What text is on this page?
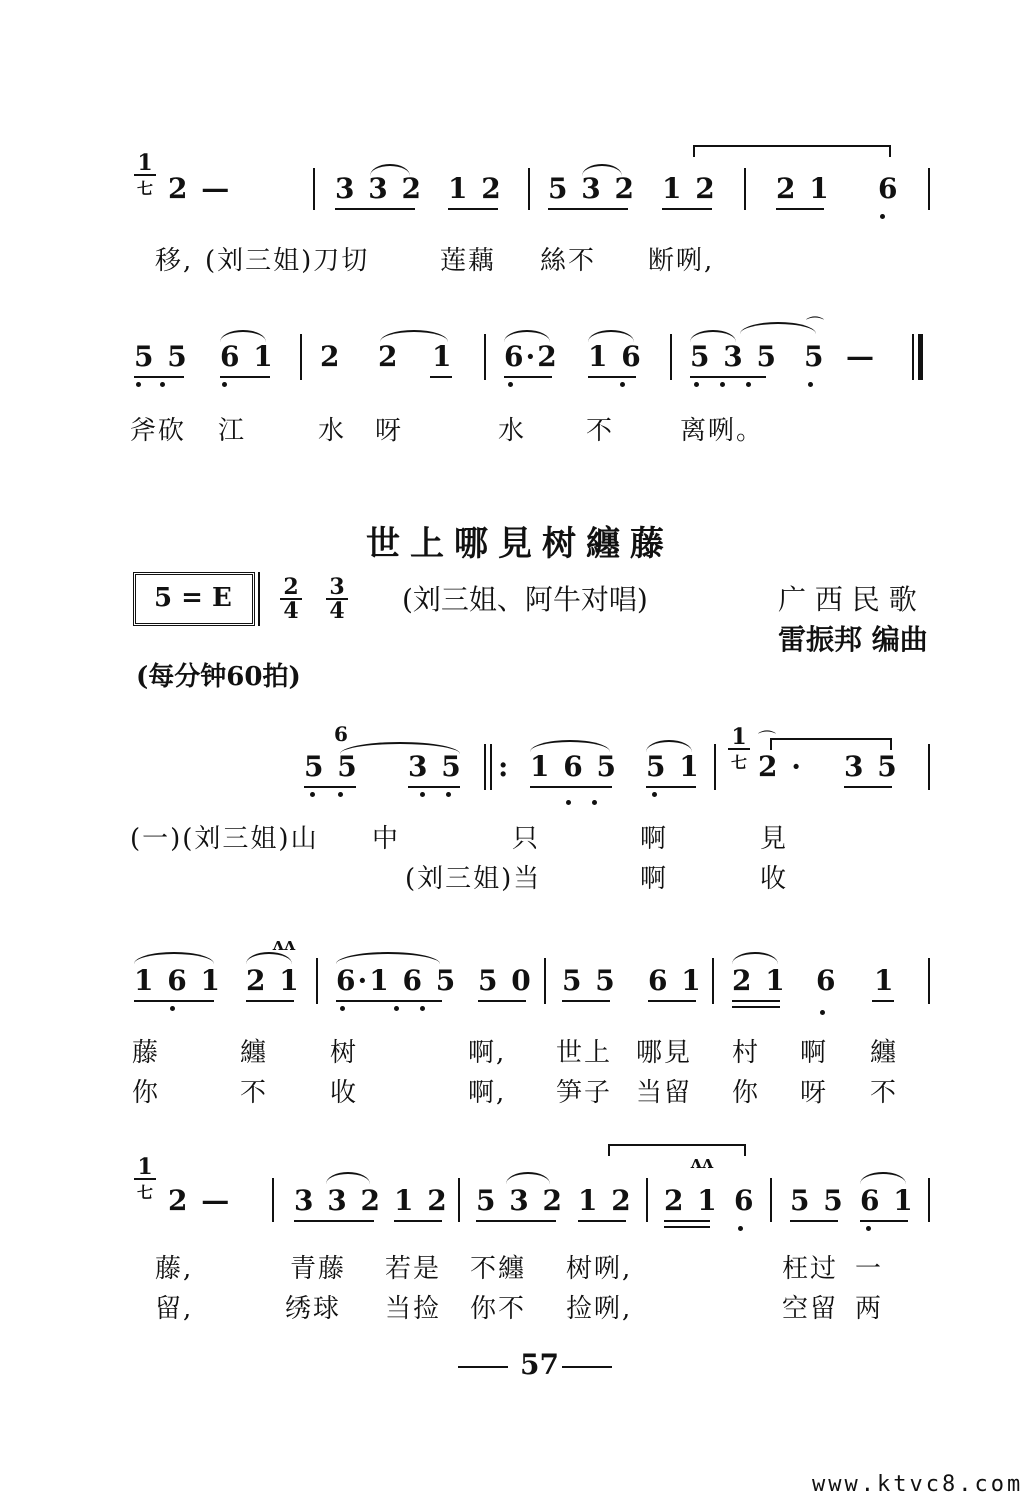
1
七 2 —	3 3 2 1 2 5 3 2 1 2 2 1 6
移, (刘三姐)刀切	莲藕 絲不 断咧,
5 5 6 1 2 2 1 6·2 1 6 5 3 5 5 —
⌒
斧砍 江	水 呀	水 不	离咧。
世上哪見树纏藤
5 = E 2
4
3
4 (刘三姐、阿牛对唱)	广 西 民 歌
雷振邦 编曲
(每分钟60拍)
6
5 5 3 5 : 1 6 5 5 1
1
七 2 · 3 5
⌒
(一)(刘三姐)山 中	只	啊	見
(刘三姐)当	啊	收
1 6 1 2 1
ʌʌ
6·1 6 5 5 0 5 5 6 1 2 1 6 1
藤	纏 树	啊, 世上 哪見 村 啊 纏
你	不 收	啊, 笋子 当留 你 呀 不
1
七 2 — 3 3 2 1 2 5 3 2 1 2 2 1 6
ʌʌ
5 5 6 1
藤,	青藤 若是 不纏 树咧,	枉过 一
留,	绣球 当捡 你不 捡咧,	空留 两
57
www.ktvc8.com
